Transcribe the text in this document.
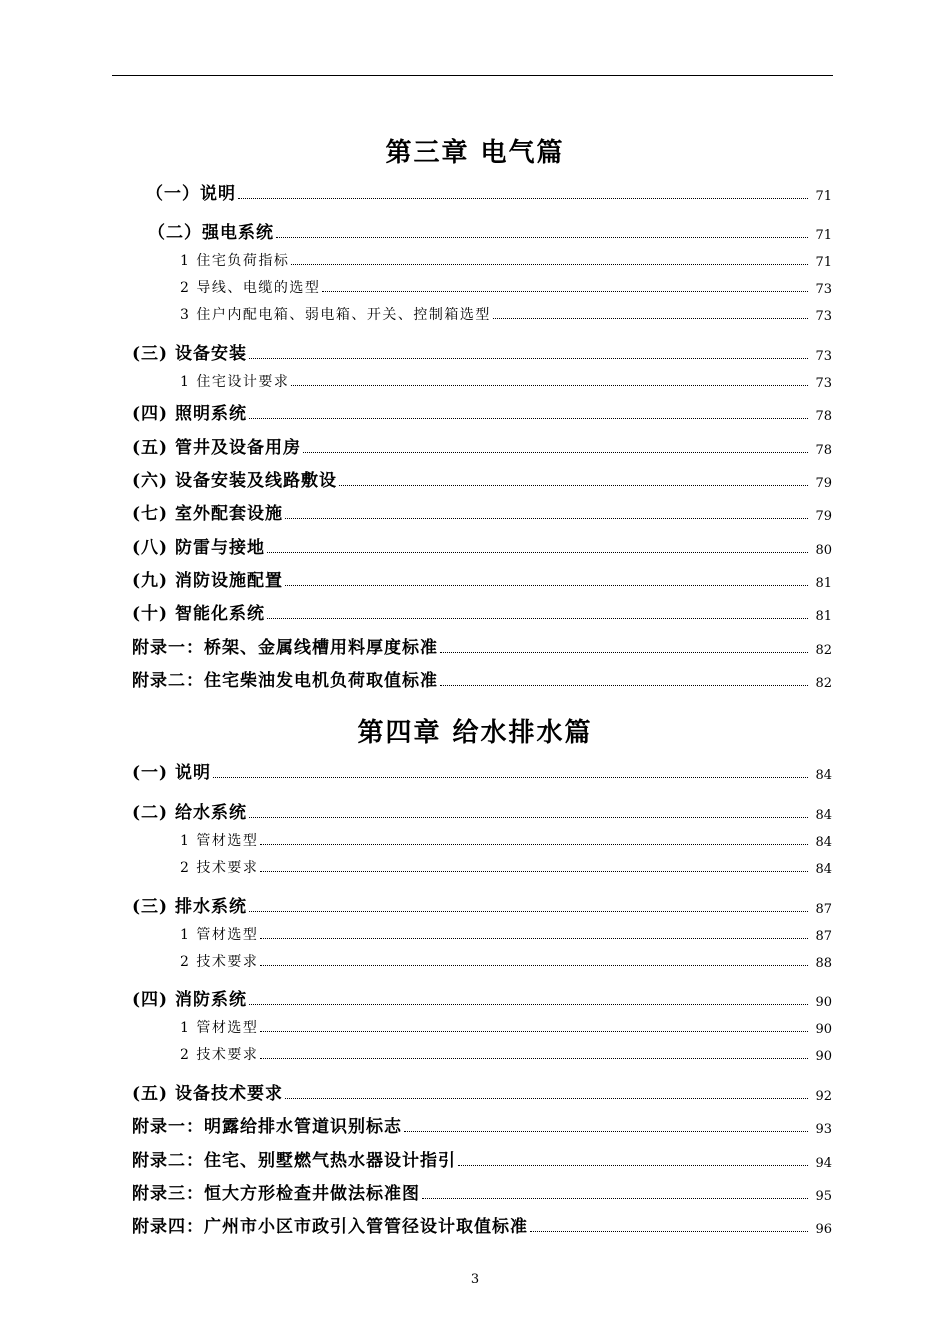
第三章 电气篇
（一）说明	71
（二）强电系统	71
1 住宅负荷指标	71
2 导线、电缆的选型	73
3 住户内配电箱、弱电箱、开关、控制箱选型	73
(三) 设备安装	73
1 住宅设计要求	73
(四) 照明系统	78
(五) 管井及设备用房	78
(六) 设备安装及线路敷设	79
(七) 室外配套设施	79
(八) 防雷与接地	80
(九) 消防设施配置	81
(十) 智能化系统	81
附录一：桥架、金属线槽用料厚度标准	82
附录二：住宅柴油发电机负荷取值标准	82
第四章 给水排水篇
(一) 说明	84
(二) 给水系统	84
1 管材选型	84
2 技术要求	84
(三) 排水系统	87
1 管材选型	87
2 技术要求	88
(四) 消防系统	90
1 管材选型	90
2 技术要求	90
(五) 设备技术要求	92
附录一：明露给排水管道识别标志	93
附录二：住宅、别墅燃气热水器设计指引	94
附录三：恒大方形检查井做法标准图	95
附录四：广州市小区市政引入管管径设计取值标准	96
3
